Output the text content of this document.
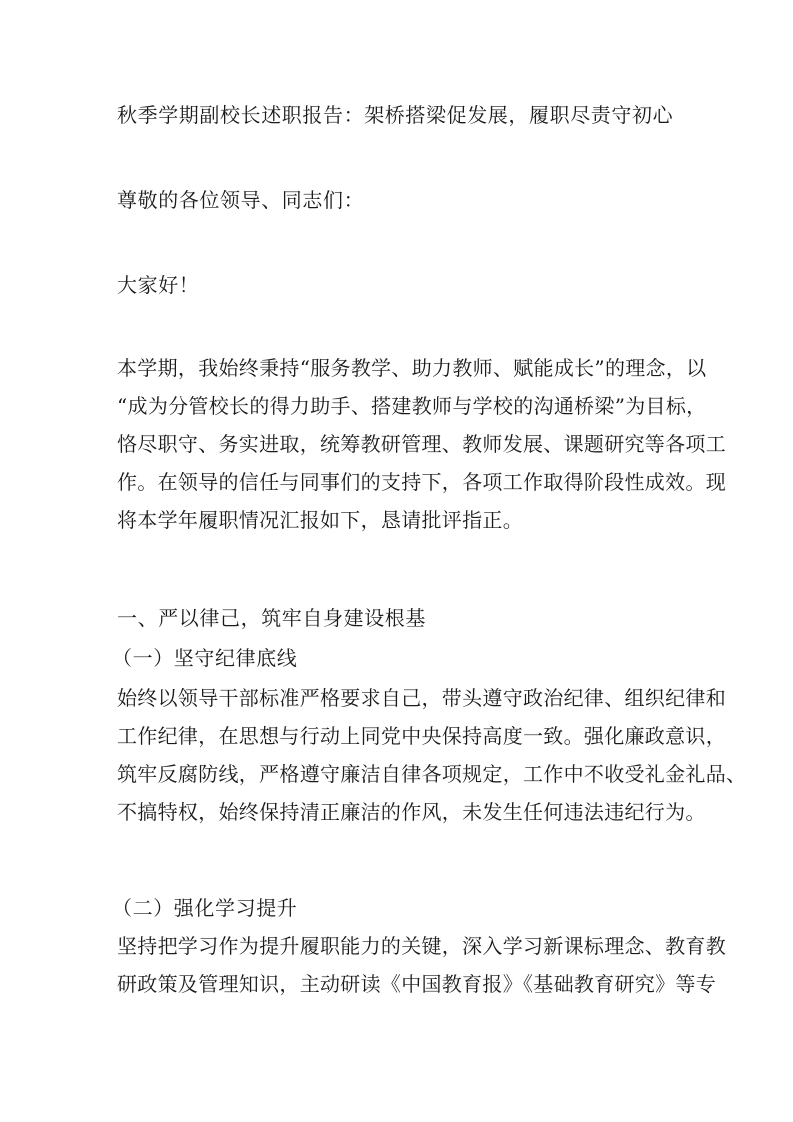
秋季学期副校长述职报告：架桥搭梁促发展，履职尽责守初心
尊敬的各位领导、同志们：
大家好！
本学期，我始终秉持“服务教学、助力教师、赋能成长”的理念，以
“成为分管校长的得力助手、搭建教师与学校的沟通桥梁”为目标，
恪尽职守、务实进取，统筹教研管理、教师发展、课题研究等各项工
作。在领导的信任与同事们的支持下，各项工作取得阶段性成效。现
将本学年履职情况汇报如下，恳请批评指正。
一、严以律己，筑牢自身建设根基
（一）坚守纪律底线
始终以领导干部标准严格要求自己，带头遵守政治纪律、组织纪律和
工作纪律，在思想与行动上同党中央保持高度一致。强化廉政意识，
筑牢反腐防线，严格遵守廉洁自律各项规定，工作中不收受礼金礼品、
不搞特权，始终保持清正廉洁的作风，未发生任何违法违纪行为。
（二）强化学习提升
坚持把学习作为提升履职能力的关键，深入学习新课标理念、教育教
研政策及管理知识，主动研读《中国教育报》《基础教育研究》等专
